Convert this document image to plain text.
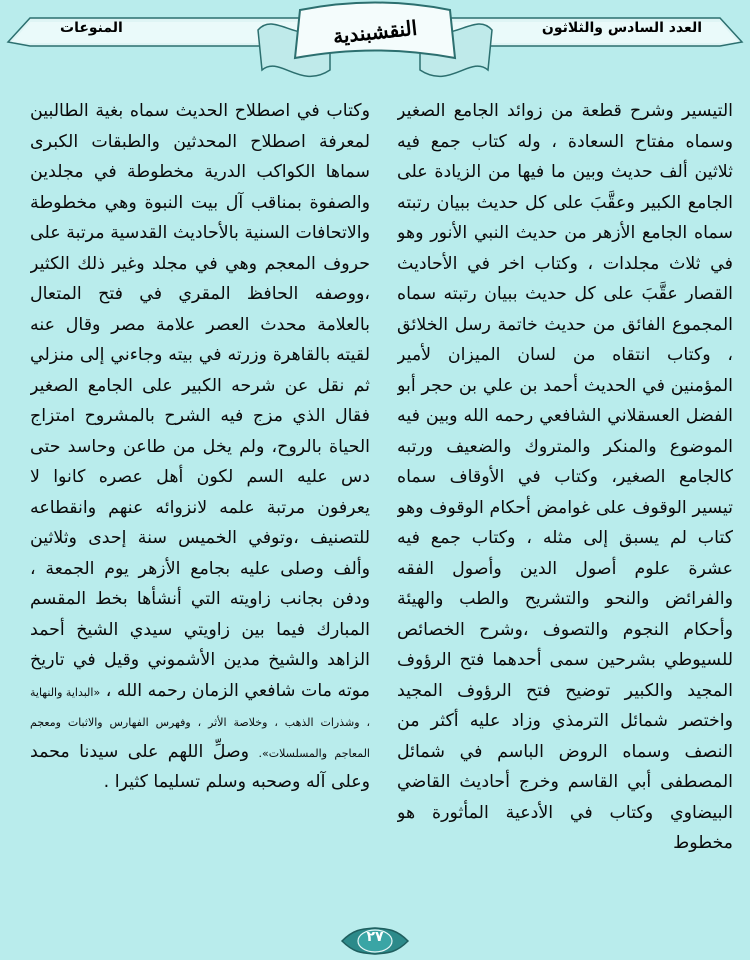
العدد السادس والثلاثون
المنوعات	النقشبندية

التيسير وشرح قطعة من زوائد الجامع الصغير وسماه مفتاح السعادة ، وله كتاب جمع فيه ثلاثين ألف حديث وبين ما فيها من الزيادة على الجامع الكبير وعقَّبَ على كل حديث ببيان رتبته سماه الجامع الأزهر من حديث النبي الأنور وهو في ثلاث مجلدات ، وكتاب اخر في الأحاديث القصار عقَّبَ على كل حديث ببيان رتبته سماه المجموع الفائق من حديث خاتمة رسل الخلائق ، وكتاب انتقاه من لسان الميزان لأمير المؤمنين في الحديث أحمد بن علي بن حجر أبو الفضل العسقلاني الشافعي رحمه الله وبين فيه الموضوع والمنكر والمتروك والضعيف ورتبه كالجامع الصغير، وكتاب في الأوقاف سماه تيسير الوقوف على غوامض أحكام الوقوف وهو كتاب لم يسبق إلى مثله ، وكتاب جمع فيه عشرة علوم أصول الدين وأصول الفقه والفرائض والنحو والتشريح والطب والهيئة وأحكام النجوم والتصوف ،وشرح الخصائص للسيوطي بشرحين سمى أحدهما فتح الرؤوف المجيد والكبير توضيح فتح الرؤوف المجيد واختصر شمائل الترمذي وزاد عليه أكثر من النصف وسماه الروض الباسم في شمائل المصطفى أبي القاسم وخرج أحاديث القاضي البيضاوي وكتاب في الأدعية المأثورة هو مخطوط

وكتاب في اصطلاح الحديث سماه بغية الطالبين لمعرفة اصطلاح المحدثين والطبقات الكبرى سماها الكواكب الدرية مخطوطة في مجلدين والصفوة بمناقب آل بيت النبوة وهي مخطوطة والاتحافات السنية بالأحاديث القدسية مرتبة على حروف المعجم وهي في مجلد وغير ذلك الكثير ،ووصفه الحافظ المقري في فتح المتعال بالعلامة محدث العصر علامة مصر وقال عنه لقيته بالقاهرة وزرته في بيته وجاءني إلى منزلي ثم نقل عن شرحه الكبير على الجامع الصغير فقال الذي مزج فيه الشرح بالمشروح امتزاج الحياة بالروح، ولم يخل من طاعن وحاسد حتى دس عليه السم لكون أهل عصره كانوا لا يعرفون مرتبة علمه لانزوائه عنهم وانقطاعه للتصنيف ،وتوفي الخميس سنة إحدى وثلاثين وألف وصلى عليه بجامع الأزهر يوم الجمعة ، ودفن بجانب زاويته التي أنشأها بخط المقسم المبارك فيما بين زاويتي سيدي الشيخ أحمد الزاهد والشيخ مدين الأشموني وقيل في تاريخ موته مات شافعي الزمان رحمه الله ، «البداية والنهاية ، وشذرات الذهب ، وخلاصة الأثر ، وفهرس الفهارس والاثبات ومعجم المعاجم والمسلسلات». وصلِّ اللهم على سيدنا محمد وعلى آله وصحبه وسلم تسليما كثيرا .

٢٧
